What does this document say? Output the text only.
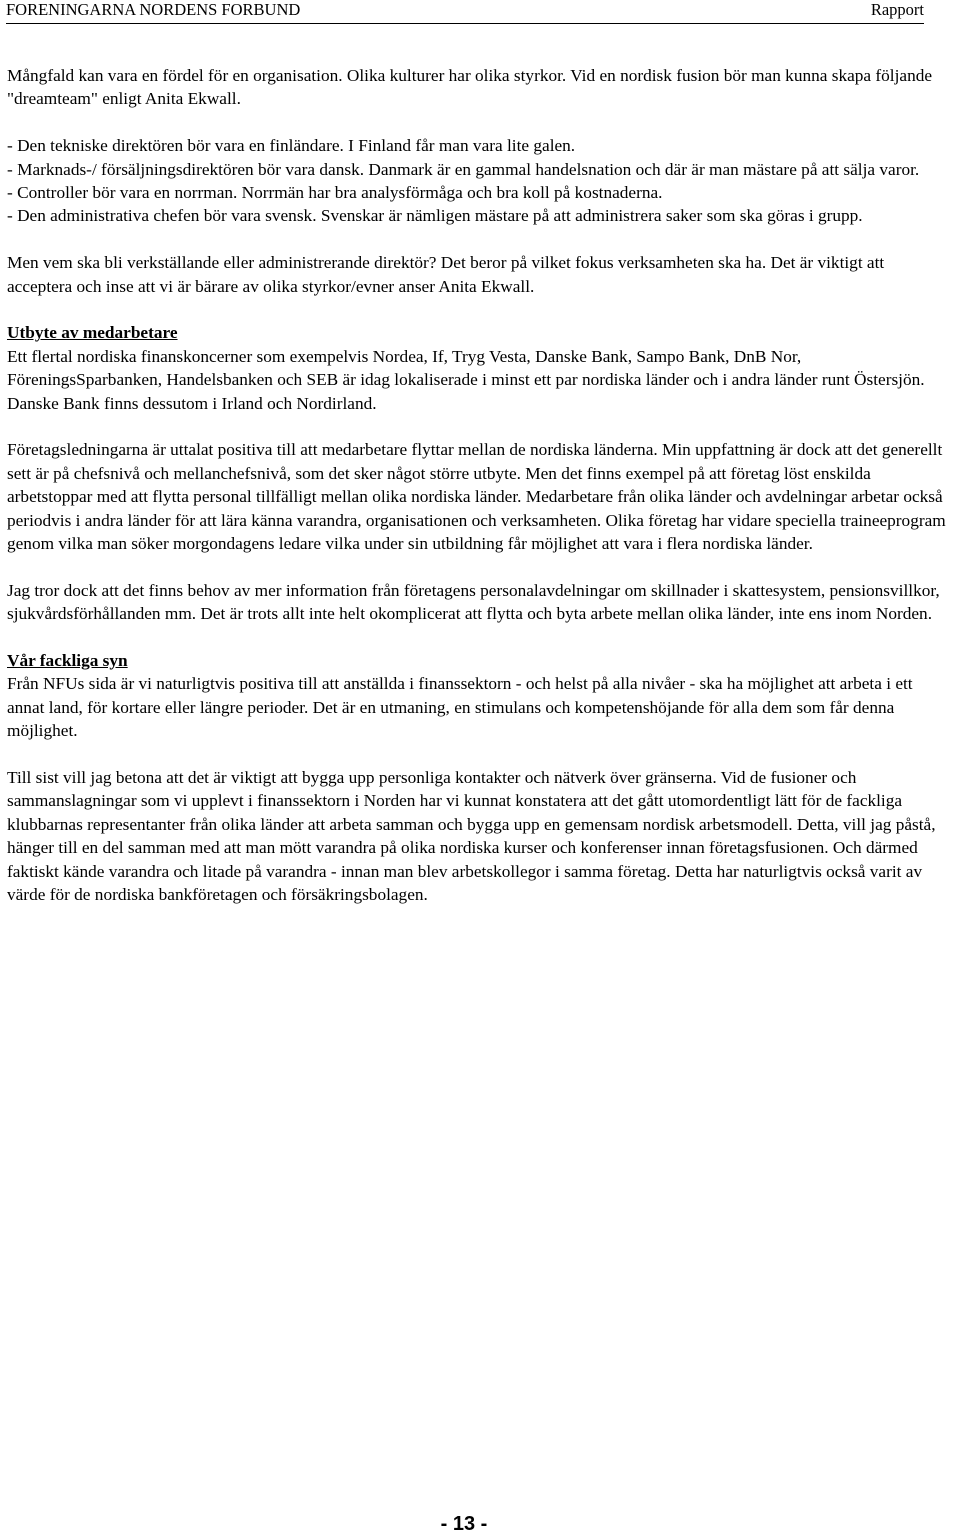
FORENINGARNA NORDENS FORBUND	Rapport

Mångfald kan vara en fördel för en organisation. Olika kulturer har olika styrkor. Vid en nordisk fusion bör man kunna skapa följande "dreamteam" enligt Anita Ekwall.

- Den tekniske direktören bör vara en finländare. I Finland får man vara lite galen.
- Marknads-/ försäljningsdirektören bör vara dansk. Danmark är en gammal handelsnation och där är man mästare på att sälja varor.
- Controller bör vara en norrman. Norrmän har bra analysförmåga och bra koll på kostnaderna.
- Den administrativa chefen bör vara svensk. Svenskar är nämligen mästare på att administrera saker som ska göras i grupp.

Men vem ska bli verkställande eller administrerande direktör? Det beror på vilket fokus verksamheten ska ha. Det är viktigt att acceptera och inse att vi är bärare av olika styrkor/evner anser Anita Ekwall.

Utbyte av medarbetare
Ett flertal nordiska finanskoncerner som exempelvis Nordea, If, Tryg Vesta, Danske Bank, Sampo Bank, DnB Nor, FöreningsSparbanken, Handelsbanken och SEB är idag lokaliserade i minst ett par nordiska länder och i andra länder runt Östersjön. Danske Bank finns dessutom i Irland och Nordirland.

Företagsledningarna är uttalat positiva till att medarbetare flyttar mellan de nordiska länderna. Min uppfattning är dock att det generellt sett är på chefsnivå och mellanchefsnivå, som det sker något större utbyte. Men det finns exempel på att företag löst enskilda arbetstoppar med att flytta personal tillfälligt mellan olika nordiska länder. Medarbetare från olika länder och avdelningar arbetar också periodvis i andra länder för att lära känna varandra, organisationen och verksamheten. Olika företag har vidare speciella traineeprogram genom vilka man söker morgondagens ledare vilka under sin utbildning får möjlighet att vara i flera nordiska länder.

Jag tror dock att det finns behov av mer information från företagens personalavdelningar om skillnader i skattesystem, pensionsvillkor, sjukvårdsförhållanden mm. Det är trots allt inte helt okomplicerat att flytta och byta arbete mellan olika länder, inte ens inom Norden.

Vår fackliga syn
Från NFUs sida är vi naturligtvis positiva till att anställda i finanssektorn - och helst på alla nivåer - ska ha möjlighet att arbeta i ett annat land, för kortare eller längre perioder. Det är en utmaning, en stimulans och kompetenshöjande för alla dem som får denna möjlighet.

Till sist vill jag betona att det är viktigt att bygga upp personliga kontakter och nätverk över gränserna. Vid de fusioner och sammanslagningar som vi upplevt i finanssektorn i Norden har vi kunnat konstatera att det gått utomordentligt lätt för de fackliga klubbarnas representanter från olika länder att arbeta samman och bygga upp en gemensam nordisk arbetsmodell. Detta, vill jag påstå, hänger till en del samman med att man mött varandra på olika nordiska kurser och konferenser innan företagsfusionen. Och därmed faktiskt kände varandra och litade på varandra - innan man blev arbetskollegor i samma företag. Detta har naturligtvis också varit av värde för de nordiska bankföretagen och försäkringsbolagen.

- 13 -
